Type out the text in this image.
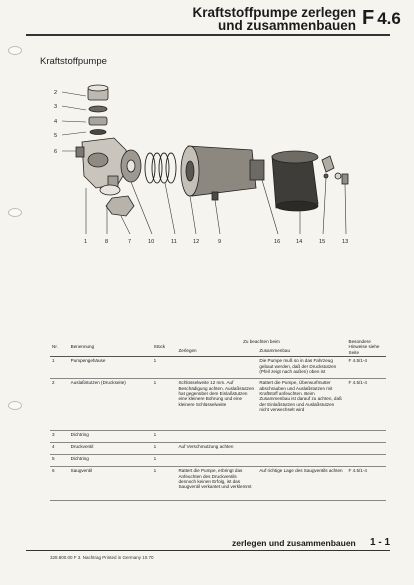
Kraftstoffpumpe zerlegen
und zusammenbauen F 4.6
Kraftstoffpumpe
2
3
4
5
6
1	8	7	10	11	12	9	16	14	15	13
Nr.	Benennung	Stück	Zu beachten beim		Besondere Hinweise siehe Seite
			Zerlegen	Zusammenbau	
1	Pumpengehäuse	1		Die Pumpe muß so in das Fahrzeug gebaut werden, daß der Druckstutzen (Pfeil zeigt nach außen) oben ist	F 4.5/1-4
2	Auslaßstutzen (Druckseite)	1	Schlüsselweite 12 mm. Auf Beschädigung achten. Auslaßstutzen hat gegenüber dem Einlaßstutzen eine kleinere Bohrung und eine kleinere Schlüsselweite	Rattert die Pumpe, Überwurfmutter abschrauben und Auslaßstutzen mit Kraftstoff anfeuchten. Beim Zusammenbau ist darauf zu achten, daß der Einlaßstutzen und Auslaßstutzen nicht verwechselt wird	F 4.5/1-4
3	Dichtring	1			
4	Druckventil	1	Auf Verschmutzung achten		
5	Dichtring	1			
6	Saugventil	1	Rattert die Pumpe, erbringt das Anfeuchten des Druckventils dennoch keinen Erfolg, ist das Saugventil verkantet und verklemmt	Auf richtige Lage des Saugventils achten	F 4.5/1-4
zerlegen und zusammenbauen 1 - 1
328.800.00 F 3. Nachtrag Printed in Germany 10.70
